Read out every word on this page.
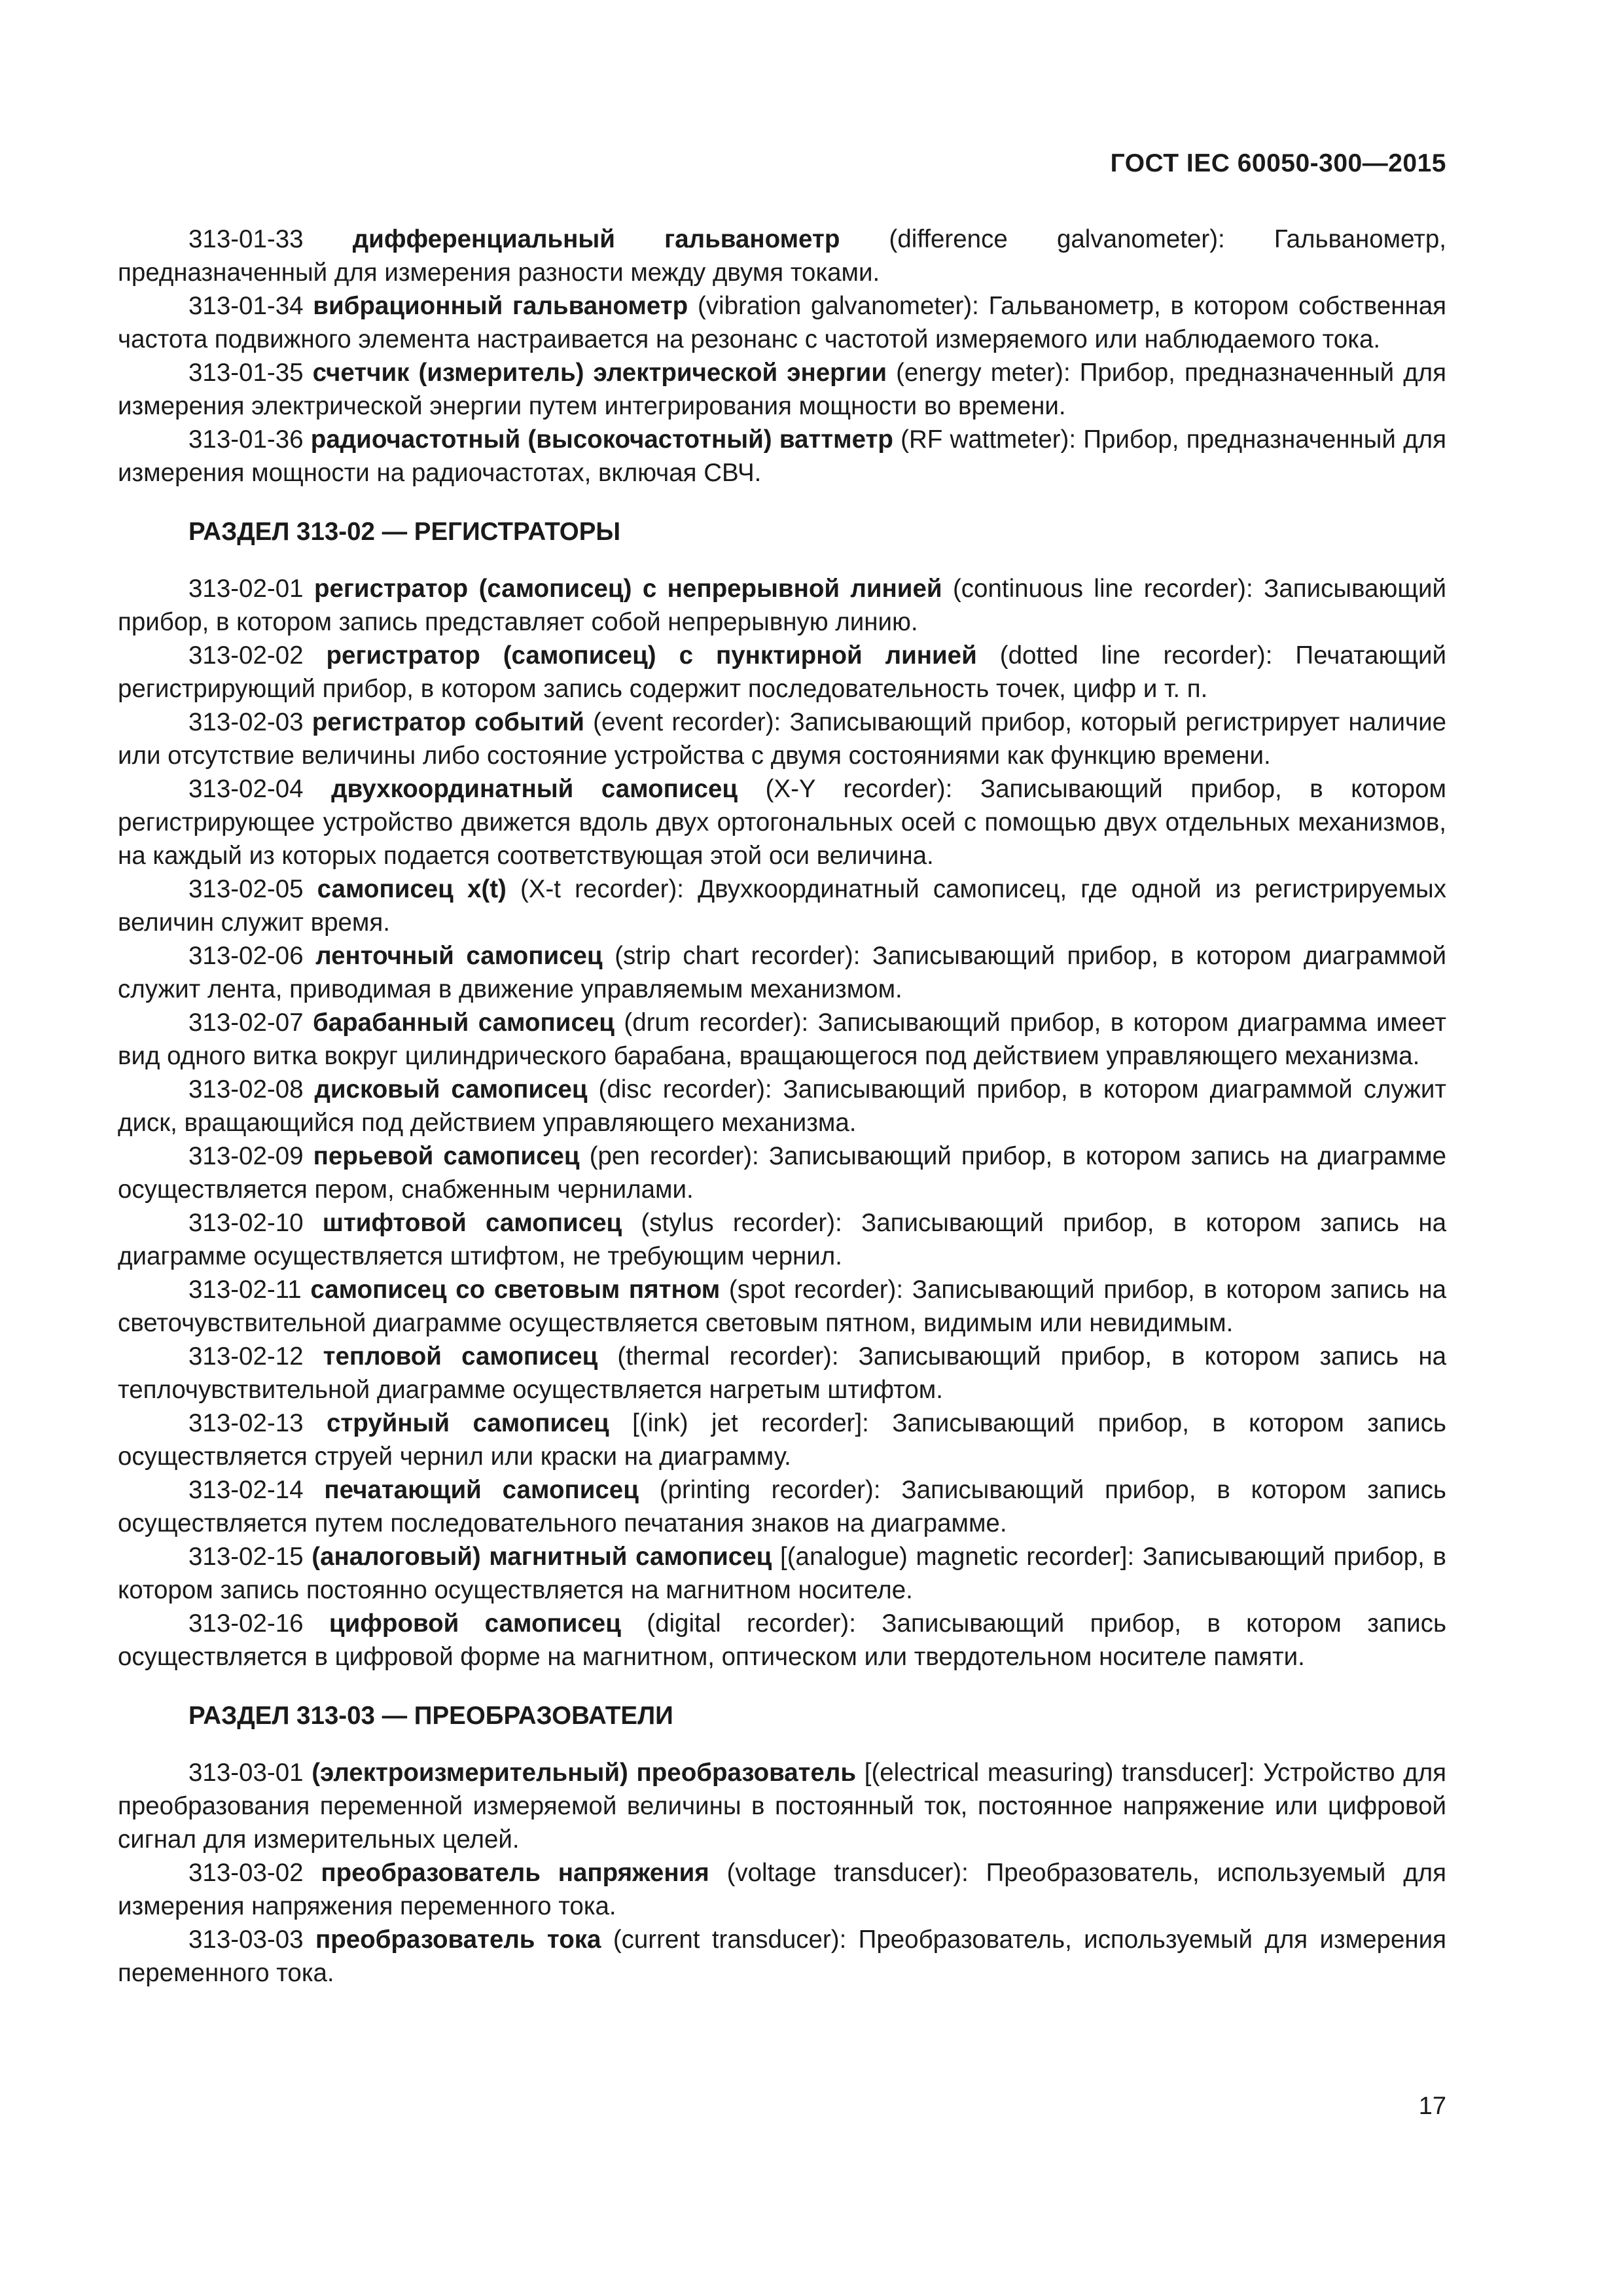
ГОСТ IEC 60050-300—2015

313-01-33 дифференциальный гальванометр (difference galvanometer): Гальванометр, предназначенный для измерения разности между двумя токами.

313-01-34 вибрационный гальванометр (vibration galvanometer): Гальванометр, в котором собственная частота подвижного элемента настраивается на резонанс с частотой измеряемого или наблюдаемого тока.

313-01-35 счетчик (измеритель) электрической энергии (energy meter): Прибор, предназначенный для измерения электрической энергии путем интегрирования мощности во времени.

313-01-36 радиочастотный (высокочастотный) ваттметр (RF wattmeter): Прибор, предназначенный для измерения мощности на радиочастотах, включая СВЧ.

РАЗДЕЛ 313-02 — РЕГИСТРАТОРЫ

313-02-01 регистратор (самописец) с непрерывной линией (continuous line recorder): Записывающий прибор, в котором запись представляет собой непрерывную линию.

313-02-02 регистратор (самописец) с пунктирной линией (dotted line recorder): Печатающий регистрирующий прибор, в котором запись содержит последовательность точек, цифр и т. п.

313-02-03 регистратор событий (event recorder): Записывающий прибор, который регистрирует наличие или отсутствие величины либо состояние устройства с двумя состояниями как функцию времени.

313-02-04 двухкоординатный самописец (X-Y recorder): Записывающий прибор, в котором регистрирующее устройство движется вдоль двух ортогональных осей с помощью двух отдельных механизмов, на каждый из которых подается соответствующая этой оси величина.

313-02-05 самописец x(t) (X-t recorder): Двухкоординатный самописец, где одной из регистрируемых величин служит время.

313-02-06 ленточный самописец (strip chart recorder): Записывающий прибор, в котором диаграммой служит лента, приводимая в движение управляемым механизмом.

313-02-07 барабанный самописец (drum recorder): Записывающий прибор, в котором диаграмма имеет вид одного витка вокруг цилиндрического барабана, вращающегося под действием управляющего механизма.

313-02-08 дисковый самописец (disc recorder): Записывающий прибор, в котором диаграммой служит диск, вращающийся под действием управляющего механизма.

313-02-09 перьевой самописец (pen recorder): Записывающий прибор, в котором запись на диаграмме осуществляется пером, снабженным чернилами.

313-02-10 штифтовой самописец (stylus recorder): Записывающий прибор, в котором запись на диаграмме осуществляется штифтом, не требующим чернил.

313-02-11 самописец со световым пятном (spot recorder): Записывающий прибор, в котором запись на светочувствительной диаграмме осуществляется световым пятном, видимым или невидимым.

313-02-12 тепловой самописец (thermal recorder): Записывающий прибор, в котором запись на теплочувствительной диаграмме осуществляется нагретым штифтом.

313-02-13 струйный самописец [(ink) jet recorder]: Записывающий прибор, в котором запись осуществляется струей чернил или краски на диаграмму.

313-02-14 печатающий самописец (printing recorder): Записывающий прибор, в котором запись осуществляется путем последовательного печатания знаков на диаграмме.

313-02-15 (аналоговый) магнитный самописец [(analogue) magnetic recorder]: Записывающий прибор, в котором запись постоянно осуществляется на магнитном носителе.

313-02-16 цифровой самописец (digital recorder): Записывающий прибор, в котором запись осуществляется в цифровой форме на магнитном, оптическом или твердотельном носителе памяти.

РАЗДЕЛ 313-03 — ПРЕОБРАЗОВАТЕЛИ

313-03-01 (электроизмерительный) преобразователь [(electrical measuring) transducer]: Устройство для преобразования переменной измеряемой величины в постоянный ток, постоянное напряжение или цифровой сигнал для измерительных целей.

313-03-02 преобразователь напряжения (voltage transducer): Преобразователь, используемый для измерения напряжения переменного тока.

313-03-03 преобразователь тока (current transducer): Преобразователь, используемый для измерения переменного тока.

17
